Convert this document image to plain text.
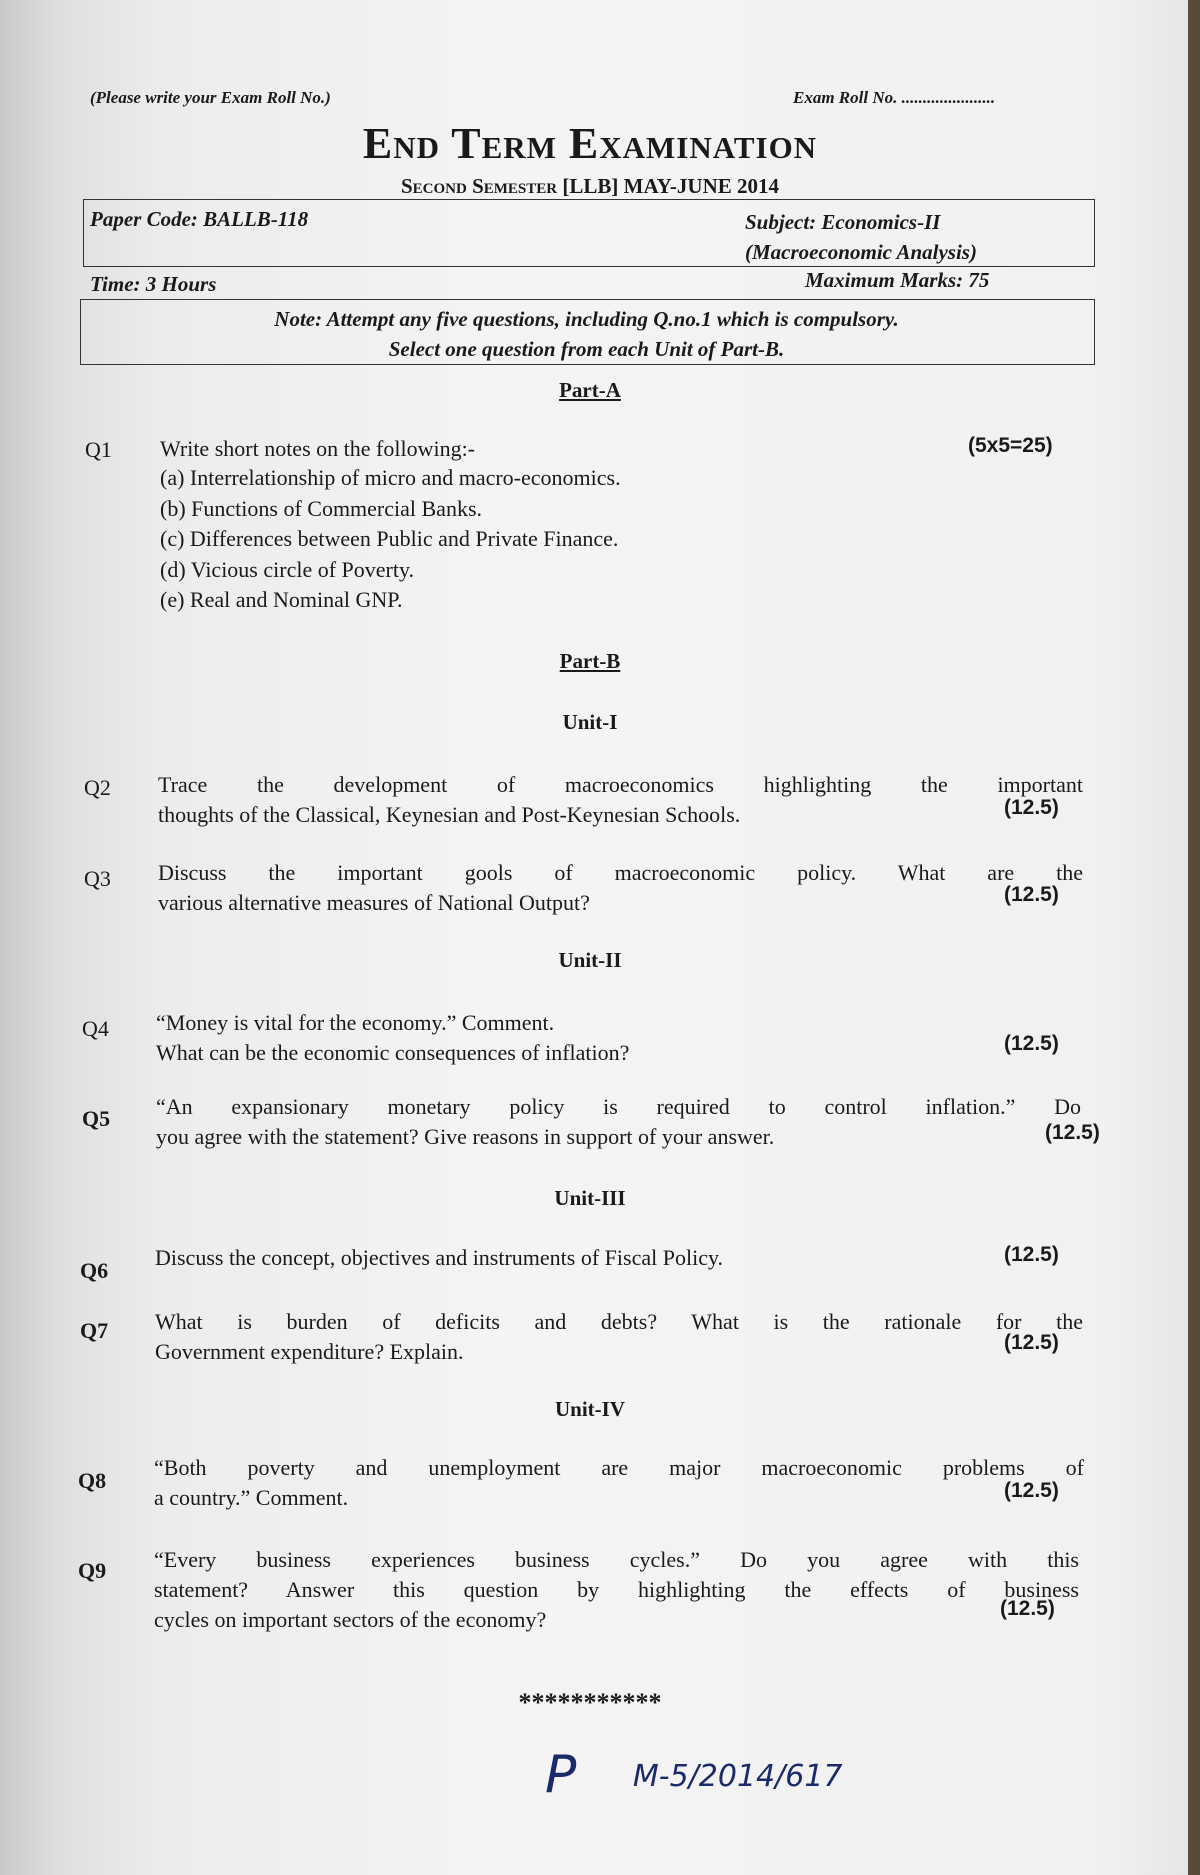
(Please write your Exam Roll No.)	Exam Roll No. ......................
End Term Examination
Second Semester [LLB] MAY-JUNE 2014
Paper Code: BALLB-118	Subject: Economics-II
(Macroeconomic Analysis)
Time: 3 Hours	Maximum Marks: 75
Note: Attempt any five questions, including Q.no.1 which is compulsory.
Select one question from each Unit of Part-B.
Part-A
Q1 Write short notes on the following:-	(5x5=25)
(a) Interrelationship of micro and macro-economics.
(b) Functions of Commercial Banks.
(c) Differences between Public and Private Finance.
(d) Vicious circle of Poverty.
(e) Real and Nominal GNP.
Part-B
Unit-I
Q2 Trace the development of macroeconomics highlighting the important
thoughts of the Classical, Keynesian and Post-Keynesian Schools.	(12.5)
Q3 Discuss the important gools of macroeconomic policy. What are the
various alternative measures of National Output?	(12.5)
Unit-II
Q4 “Money is vital for the economy.” Comment.
What can be the economic consequences of inflation?	(12.5)
Q5 “An expansionary monetary policy is required to control inflation.” Do
you agree with the statement? Give reasons in support of your answer.	(12.5)
Unit-III
Q6
Discuss the concept, objectives and instruments of Fiscal Policy.	(12.5)
Q7 What is burden of deficits and debts? What is the rationale for the
Government expenditure? Explain.	(12.5)
Unit-IV
Q8
“Both poverty and unemployment are major macroeconomic problems of
a country.” Comment.	(12.5)
Q9 “Every business experiences business cycles.” Do you agree with this
statement? Answer this question by highlighting the effects of business
cycles on important sectors of the economy?	(12.5)
***********
P M-5/2014/617
